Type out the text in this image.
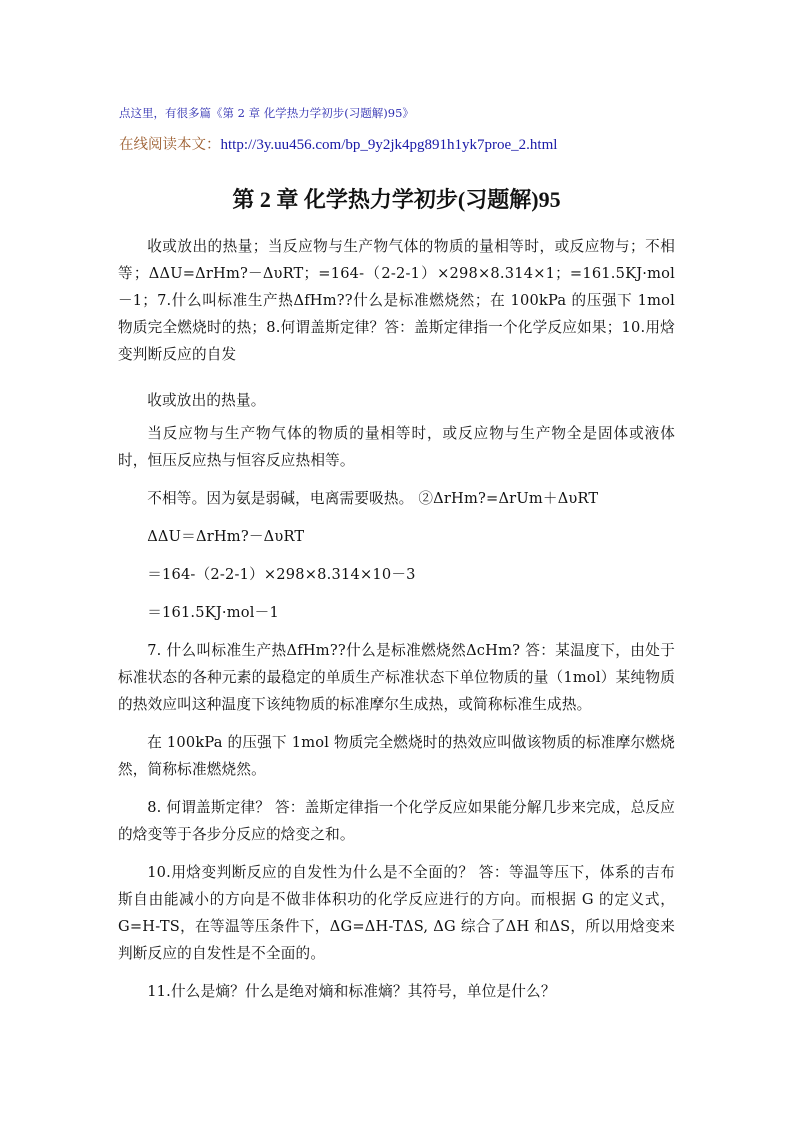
点这里，有很多篇《第 2 章 化学热力学初步(习题解)95》
在线阅读本文：http://3y.uu456.com/bp_9y2jk4pg891h1yk7proe_2.html
第 2 章 化学热力学初步(习题解)95

收或放出的热量；当反应物与生产物气体的物质的量相等时，或反应物与；不相等；ΔΔU=ΔrHm?－ΔυRT；=164-（2-2-1）×298×8.314×1；=161.5KJ·mol－1；7.什么叫标准生产热ΔfHm??什么是标准燃烧然；在 100kPa 的压强下 1mol 物质完全燃烧时的热；8.何谓盖斯定律？答：盖斯定律指一个化学反应如果；10.用焓变判断反应的自发

收或放出的热量。

当反应物与生产物气体的物质的量相等时，或反应物与生产物全是固体或液体时，恒压反应热与恒容反应热相等。

不相等。因为氨是弱碱，电离需要吸热。 ②ΔrHm?=ΔrUm＋ΔυRT

ΔΔU＝ΔrHm?－ΔυRT

＝164-（2-2-1）×298×8.314×10－3

＝161.5KJ·mol－1

7. 什么叫标准生产热ΔfHm??什么是标准燃烧然ΔcHm? 答：某温度下，由处于标准状态的各种元素的最稳定的单质生产标准状态下单位物质的量（1mol）某纯物质的热效应叫这种温度下该纯物质的标准摩尔生成热，或简称标准生成热。

在 100kPa 的压强下 1mol 物质完全燃烧时的热效应叫做该物质的标准摩尔燃烧然，简称标准燃烧然。

8. 何谓盖斯定律？ 答：盖斯定律指一个化学反应如果能分解几步来完成，总反应的焓变等于各步分反应的焓变之和。

10.用焓变判断反应的自发性为什么是不全面的？ 答：等温等压下，体系的吉布斯自由能减小的方向是不做非体积功的化学反应进行的方向。而根据 G 的定义式，G=H-TS，在等温等压条件下，ΔG=ΔH-TΔS, ΔG 综合了ΔH 和ΔS，所以用焓变来判断反应的自发性是不全面的。

11.什么是熵？什么是绝对熵和标准熵？其符号，单位是什么？
